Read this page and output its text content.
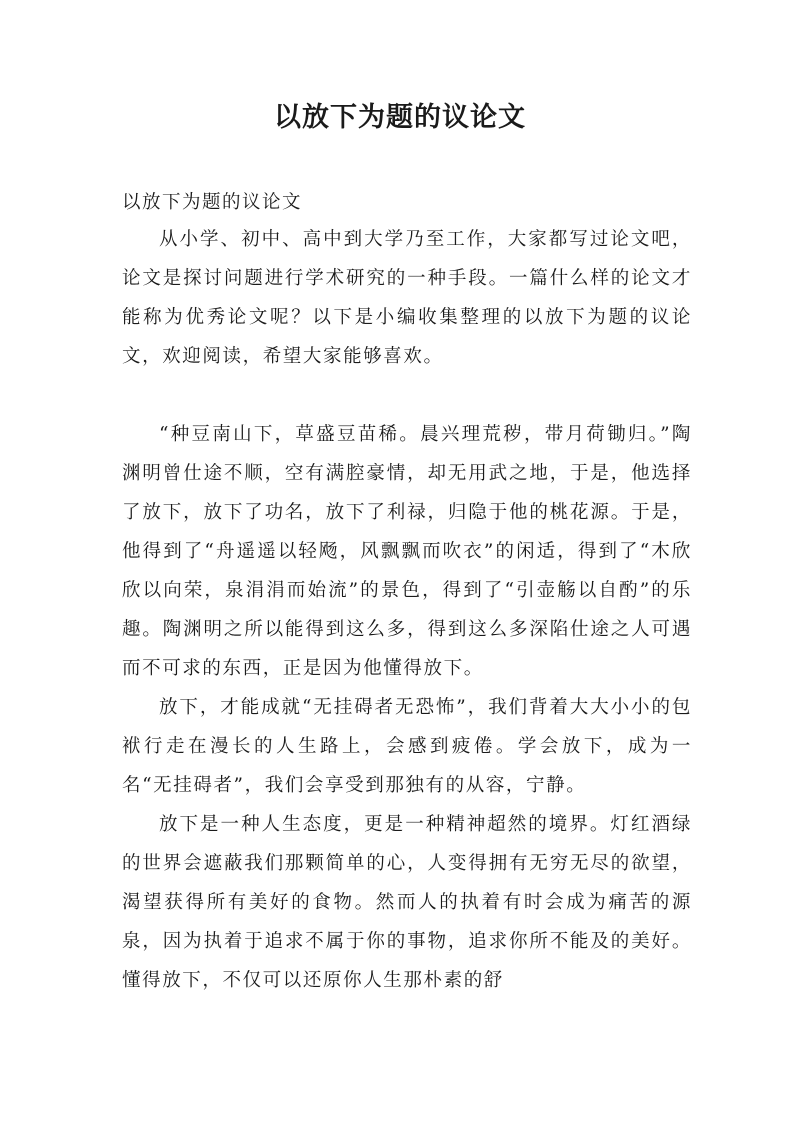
以放下为题的议论文
以放下为题的议论文

从小学、初中、高中到大学乃至工作，大家都写过论文吧，论文是探讨问题进行学术研究的一种手段。一篇什么样的论文才能称为优秀论文呢？以下是小编收集整理的以放下为题的议论文，欢迎阅读，希望大家能够喜欢。

“种豆南山下，草盛豆苗稀。晨兴理荒秽，带月荷锄归。”陶渊明曾仕途不顺，空有满腔豪情，却无用武之地，于是，他选择了放下，放下了功名，放下了利禄，归隐于他的桃花源。于是，他得到了“舟遥遥以轻飏，风飘飘而吹衣”的闲适，得到了“木欣欣以向荣，泉涓涓而始流”的景色，得到了“引壶觞以自酌”的乐趣。陶渊明之所以能得到这么多，得到这么多深陷仕途之人可遇而不可求的东西，正是因为他懂得放下。

放下，才能成就“无挂碍者无恐怖”，我们背着大大小小的包袱行走在漫长的人生路上，会感到疲倦。学会放下，成为一名“无挂碍者”，我们会享受到那独有的从容，宁静。

放下是一种人生态度，更是一种精神超然的境界。灯红酒绿的世界会遮蔽我们那颗简单的心，人变得拥有无穷无尽的欲望，渴望获得所有美好的食物。然而人的执着有时会成为痛苦的源泉，因为执着于追求不属于你的事物，追求你所不能及的美好。懂得放下，不仅可以还原你人生那朴素的舒
